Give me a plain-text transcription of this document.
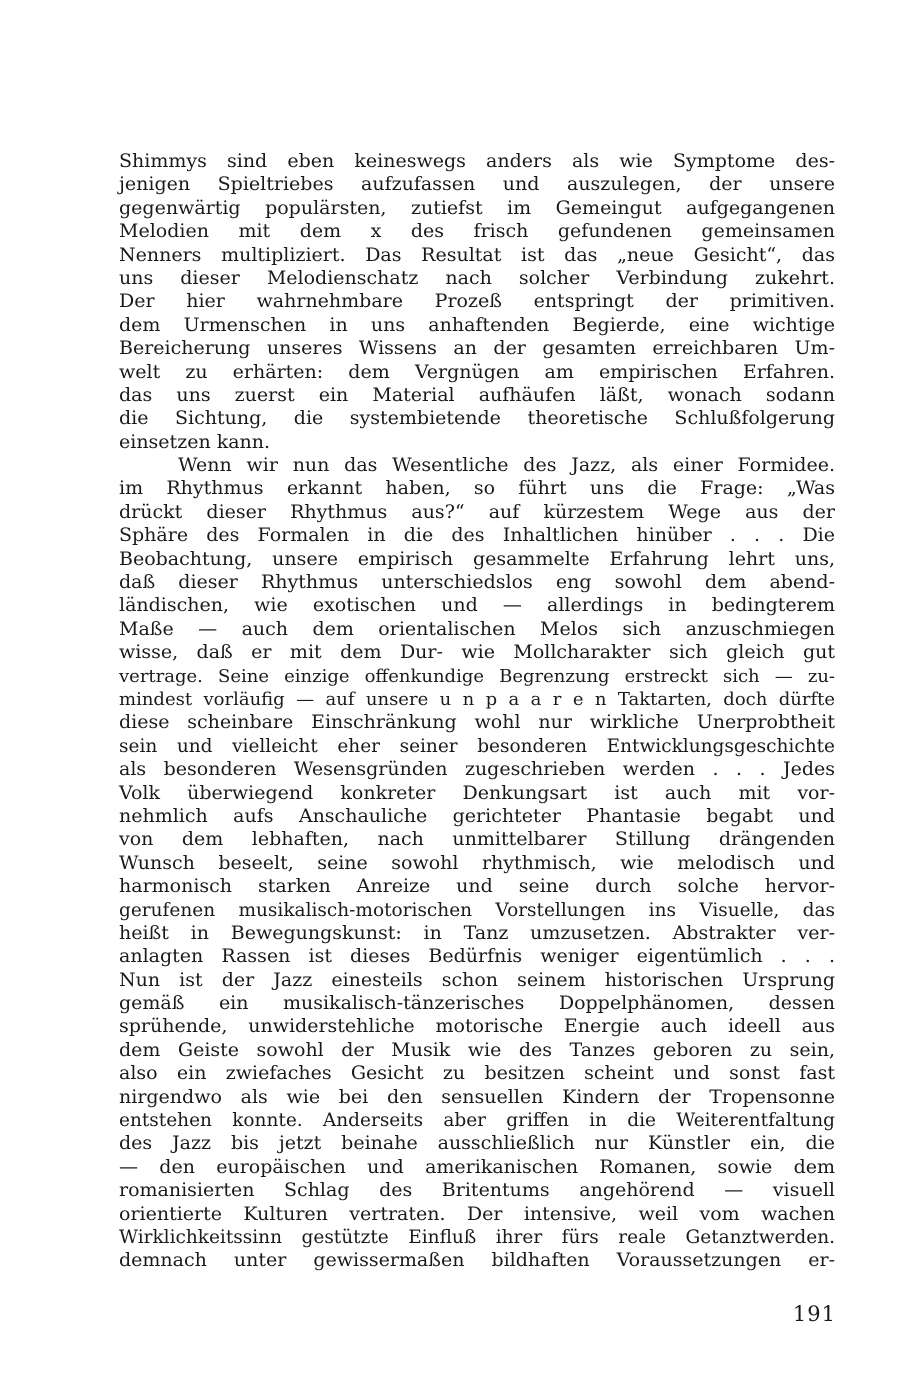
Shimmys sind eben keineswegs anders als wie Symptome des-
jenigen Spieltriebes aufzufassen und auszulegen, der unsere
gegenwärtig populärsten, zutiefst im Gemeingut aufgegangenen
Melodien mit dem x des frisch gefundenen gemeinsamen
Nenners multipliziert. Das Resultat ist das „neue Gesicht“, das
uns dieser Melodienschatz nach solcher Verbindung zukehrt.
Der hier wahrnehmbare Prozeß entspringt der primitiven.
dem Urmenschen in uns anhaftenden Begierde, eine wichtige
Bereicherung unseres Wissens an der gesamten erreichbaren Um-
welt zu erhärten: dem Vergnügen am empirischen Erfahren.
das uns zuerst ein Material aufhäufen läßt, wonach sodann
die Sichtung, die systembietende theoretische Schlußfolgerung
einsetzen kann.
Wenn wir nun das Wesentliche des Jazz, als einer Formidee.
im Rhythmus erkannt haben, so führt uns die Frage: „Was
drückt dieser Rhythmus aus?“ auf kürzestem Wege aus der
Sphäre des Formalen in die des Inhaltlichen hinüber . . . Die
Beobachtung, unsere empirisch gesammelte Erfahrung lehrt uns,
daß dieser Rhythmus unterschiedslos eng sowohl dem abend-
ländischen, wie exotischen und — allerdings in bedingterem
Maße — auch dem orientalischen Melos sich anzuschmiegen
wisse, daß er mit dem Dur- wie Mollcharakter sich gleich gut
vertrage. Seine einzige offenkundige Begrenzung erstreckt sich — zu-
mindest vorläufig — auf unsere u n p a a r e n Taktarten, doch dürfte
diese scheinbare Einschränkung wohl nur wirkliche Unerprobtheit
sein und vielleicht eher seiner besonderen Entwicklungsgeschichte
als besonderen Wesensgründen zugeschrieben werden . . . Jedes
Volk überwiegend konkreter Denkungsart ist auch mit vor-
nehmlich aufs Anschauliche gerichteter Phantasie begabt und
von dem lebhaften, nach unmittelbarer Stillung drängenden
Wunsch beseelt, seine sowohl rhythmisch, wie melodisch und
harmonisch starken Anreize und seine durch solche hervor-
gerufenen musikalisch-motorischen Vorstellungen ins Visuelle, das
heißt in Bewegungskunst: in Tanz umzusetzen. Abstrakter ver-
anlagten Rassen ist dieses Bedürfnis weniger eigentümlich . . .
Nun ist der Jazz einesteils schon seinem historischen Ursprung
gemäß ein musikalisch-tänzerisches Doppelphänomen, dessen
sprühende, unwiderstehliche motorische Energie auch ideell aus
dem Geiste sowohl der Musik wie des Tanzes geboren zu sein,
also ein zwiefaches Gesicht zu besitzen scheint und sonst fast
nirgendwo als wie bei den sensuellen Kindern der Tropensonne
entstehen konnte. Anderseits aber griffen in die Weiterentfaltung
des Jazz bis jetzt beinahe ausschließlich nur Künstler ein, die
— den europäischen und amerikanischen Romanen, sowie dem
romanisierten Schlag des Britentums angehörend — visuell
orientierte Kulturen vertraten. Der intensive, weil vom wachen
Wirklichkeitssinn gestützte Einfluß ihrer fürs reale Getanztwerden.
demnach unter gewissermaßen bildhaften Voraussetzungen er-
191
